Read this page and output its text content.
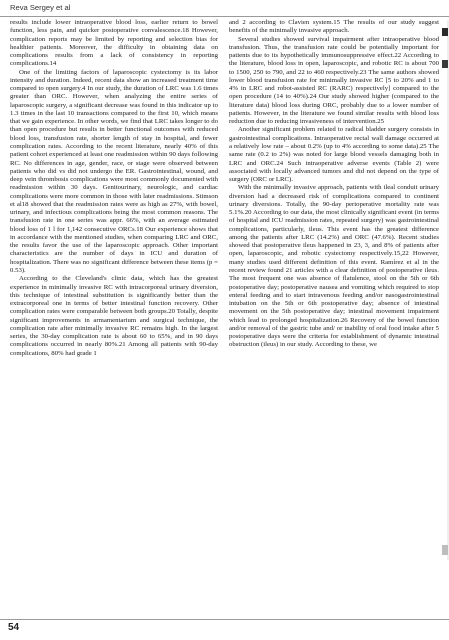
Reva Sergey et al

results include lower intraoperative blood loss, earlier return to bowel function, less pain, and quicker postoperative convalescence.18 However, complication reports may be limited by reporting and selection bias for healthier patients. Moreover, the difficulty in obtaining data on complications results from a lack of consistency in reporting complications.14

One of the limiting factors of laparoscopic cystectomy is its labor intensity and duration. Indeed, recent data show an increased treatment time compared to open surgery.4 In our study, the duration of LRC was 1.6 times greater than ORC. However, when analyzing the entire series of laparoscopic surgery, a significant decrease was found in this indicator up to 1.3 times in the last 10 transactions compared to the first 10, which means that we gain experience. In other words, we find that LRC takes longer to do than open procedure but results in better functional outcomes with reduced blood loss, transfusion rate, shorter length of stay in hospital, and fewer complication rates. According to the recent literature, nearly 40% of this patient cohort experienced at least one readmission within 90 days following RC. No differences in age, gender, race, or stage were observed between patients who did vs did not undergo the ER. Gastrointestinal, wound, and deep vein thrombosis complications were most commonly documented with readmission within 30 days. Genitourinary, neurologic, and cardiac complications were more common in those with later readmissions. Stimson et al18 showed that the readmission rates were as high as 27%, with bowel, urinary, and infectious complications being the most common reasons. The transfusion rate in one series was appr. 66%, with an average estimated blood loss of 1 l for 1,142 consecutive ORCs.18 Our experience shows that in accordance with the mentioned studies, when comparing LRC and ORC, the results favor the use of the laparoscopic approach. Other important characteristics are the number of days in ICU and duration of hospitalization. There was no significant difference between these items (p = 0.53).

According to the Cleveland's clinic data, which has the greatest experience in minimally invasive RC with intracorporeal urinary diversion, this technique of intestinal substitution is significantly better than the extracorporeal one in terms of better intestinal function recovery. Other complication rates were comparable between both groups.20 Totally, despite significant improvements in armamentarium and surgical technique, the complication rate after minimally invasive RC remains high. In the largest series, the 30-day complication rate is about 60 to 65%, and in 90 days complications occurred in nearly 80%.21 Among all patients with 90-day complications, 80% had grade 1

and 2 according to Clavien system.15 The results of our study suggest benefits of the minimally invasive approach.

Several studies showed survival impairment after intraoperative blood transfusion. Thus, the transfusion rate could be potentially important for patients due to its hypothetically immunosuppressive effect.22 According to the literature, blood loss in open, laparoscopic, and robotic RC is about 700 to 1500, 250 to 790, and 22 to 460 respectively.23 The same authors showed lower blood transfusion rate for minimally invasive RC [5 to 20% and 1 to 4% in LRC and robot-assisted RC (RARC) respectively] compared to the open procedure (14 to 40%).24 Our study showed higher (compared to the literature data) blood loss during ORC, probably due to a lower number of patients. However, in the literature we found similar results with blood loss reduction due to reducing invasiveness of intervention.25

Another significant problem related to radical bladder surgery consists in gastrointestinal complications. Intraoperative rectal wall damage occurred at a relatively low rate – about 0.2% (up to 4% according to some data).25 The same rate (0.2 to 2%) was noted for large blood vessels damaging both in LRC and ORC.24 Such intraoperative adverse events (Table 2) were associated with locally advanced tumors and did not depend on the type of surgery (ORC or LRC).

With the minimally invasive approach, patients with ileal conduit urinary diversion had a decreased risk of complications compared to continent urinary diversions. Totally, the 90-day perioperative mortality rate was 5.1%.20 According to our data, the most clinically significant event (in terms of hospital and ICU readmission rates, repeated surgery) was gastrointestinal complications, particularly, ileus. This event has the greatest difference among the patients after LRC (14.2%) and ORC (47.6%). Recent studies showed that postoperative ileus happened in 23, 3, and 8% of patients after open, laparoscopic, and robotic cystectomy respectively.15,22 However, many studies used different definition of this event. Ramírez et al in the recent review found 21 articles with a clear definition of postoperative ileus. The most frequent one was absence of flatulence, stool on the 5th or 6th postoperative day; postoperative nausea and vomiting which required to stop enteral feeding and to start intravenous feeding and/or nasogastrointestinal intubation on the 5th or 6th postoperative day; absence of intestinal movement on the 5th postoperative day; intestinal movement impairment which lead to prolonged hospitalization.26 Recovery of the bowel function and/or removal of the gastric tube and/ or inability of oral food intake after 5 postoperative days were the criteria for establishment of dynamic intestinal obstruction (ileus) in our study. According to these, we

54
